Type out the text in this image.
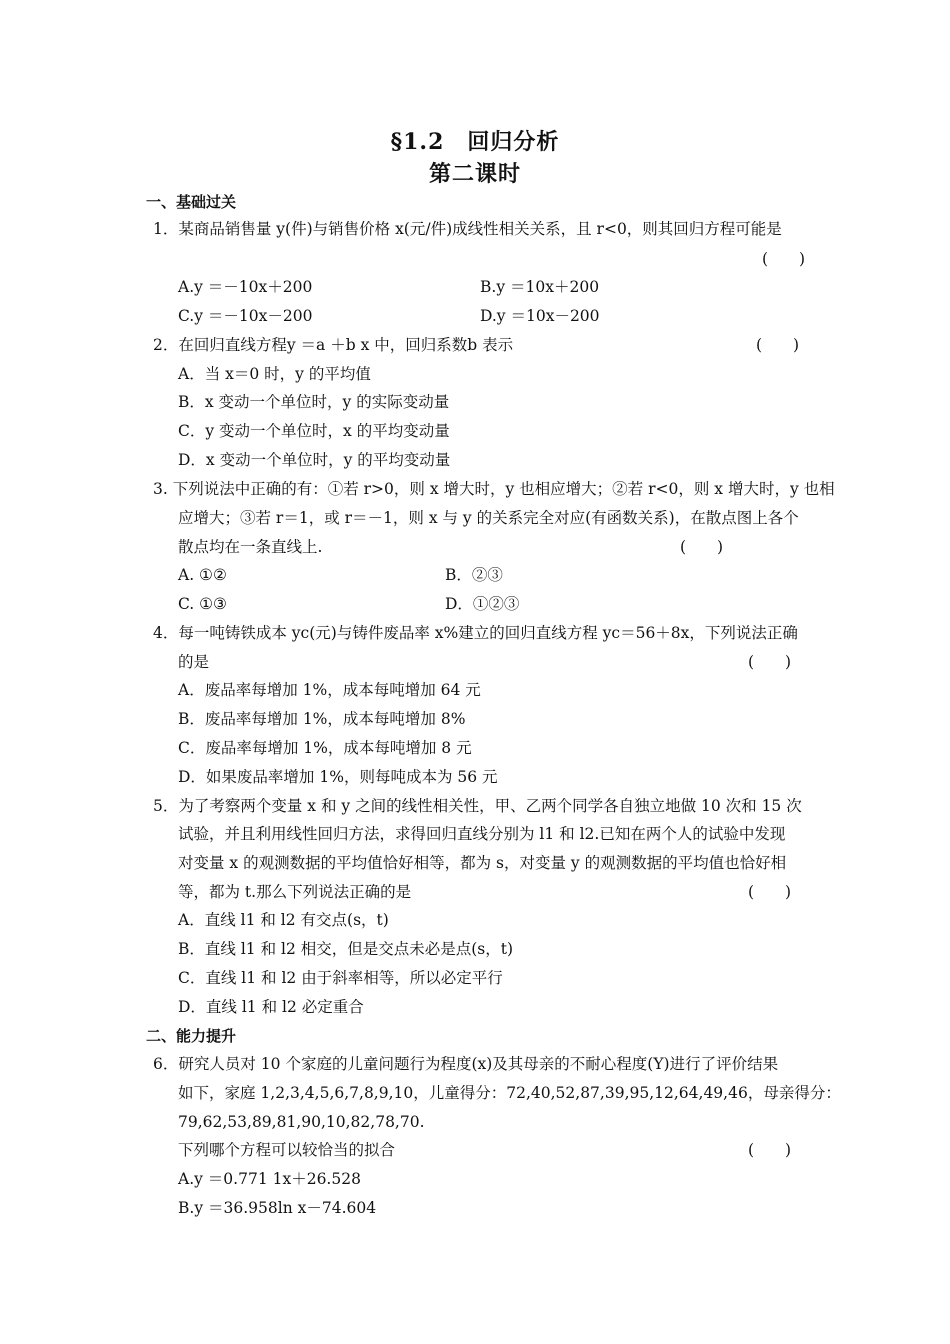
§1.2　回归分析
第二课时
一、基础过关
1．某商品销售量 y(件)与销售价格 x(元/件)成线性相关关系，且 r<0，则其回归方程可能是
(　　)
A.y ＝－10x＋200	B.y ＝10x＋200
C.y ＝－10x－200	D.y ＝10x－200
2．在回归直线方程y ＝a ＋b x 中，回归系数b 表示	(　　)
A．当 x＝0 时，y 的平均值
B．x 变动一个单位时，y 的实际变动量
C．y 变动一个单位时，x 的平均变动量
D．x 变动一个单位时，y 的平均变动量
3. 下列说法中正确的有：①若 r>0，则 x 增大时，y 也相应增大；②若 r<0，则 x 增大时，y 也相
应增大；③若 r＝1，或 r＝－1，则 x 与 y 的关系完全对应(有函数关系)，在散点图上各个
散点均在一条直线上.	(　　)
A. ①②	B．②③
C. ①③	D．①②③
4．每一吨铸铁成本 yc(元)与铸件废品率 x%建立的回归直线方程 yc＝56＋8x，下列说法正确
的是	(　　)
A．废品率每增加 1%，成本每吨增加 64 元
B．废品率每增加 1%，成本每吨增加 8%
C．废品率每增加 1%，成本每吨增加 8 元
D．如果废品率增加 1%，则每吨成本为 56 元
5．为了考察两个变量 x 和 y 之间的线性相关性，甲、乙两个同学各自独立地做 10 次和 15 次
试验，并且利用线性回归方法，求得回归直线分别为 l1 和 l2.已知在两个人的试验中发现
对变量 x 的观测数据的平均值恰好相等，都为 s，对变量 y 的观测数据的平均值也恰好相
等，都为 t.那么下列说法正确的是	(　　)
A．直线 l1 和 l2 有交点(s，t)
B．直线 l1 和 l2 相交，但是交点未必是点(s，t)
C．直线 l1 和 l2 由于斜率相等，所以必定平行
D．直线 l1 和 l2 必定重合
二、能力提升
6．研究人员对 10 个家庭的儿童问题行为程度(x)及其母亲的不耐心程度(Y)进行了评价结果
如下，家庭 1,2,3,4,5,6,7,8,9,10，儿童得分：72,40,52,87,39,95,12,64,49,46，母亲得分：
79,62,53,89,81,90,10,82,78,70.
下列哪个方程可以较恰当的拟合	(　　)
A.y ＝0.771 1x＋26.528
B.y ＝36.958ln x－74.604
